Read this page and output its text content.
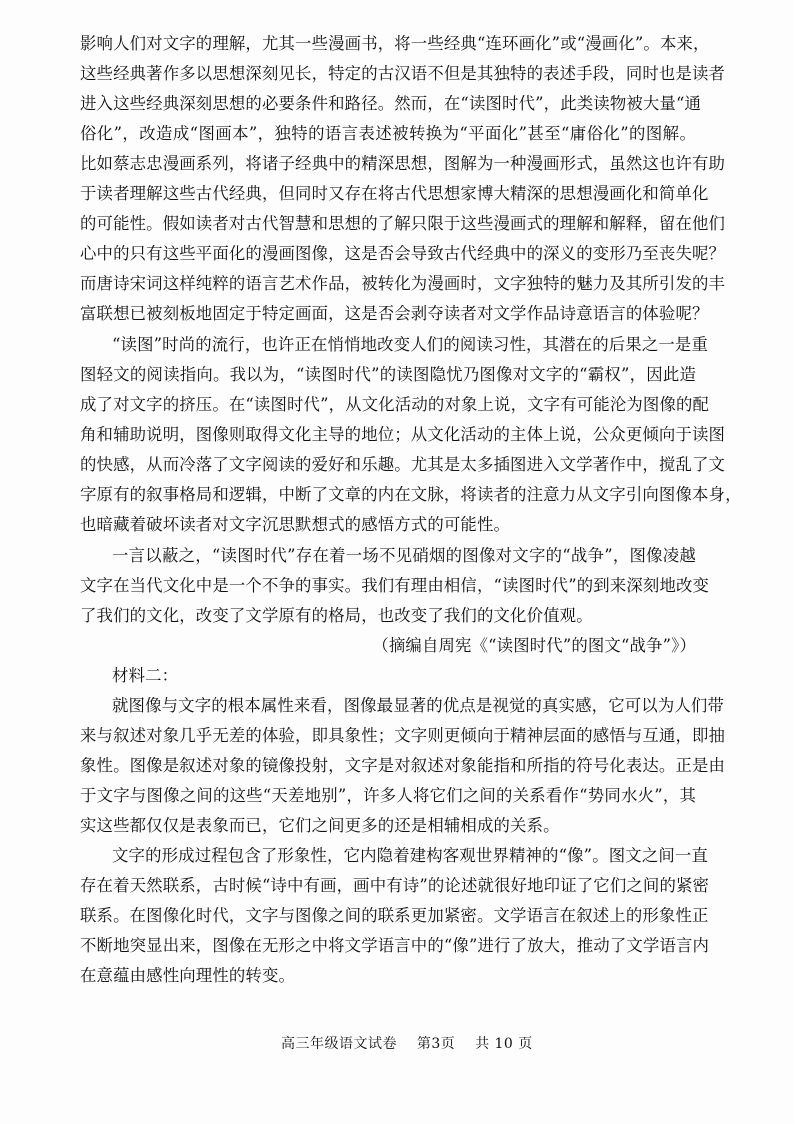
影响人们对文字的理解，尤其一些漫画书，将一些经典“连环画化”或“漫画化”。本来，
这些经典著作多以思想深刻见长，特定的古汉语不但是其独特的表述手段，同时也是读者
进入这些经典深刻思想的必要条件和路径。然而，在“读图时代”，此类读物被大量“通
俗化”，改造成“图画本”，独特的语言表述被转换为“平面化”甚至“庸俗化”的图解。
比如蔡志忠漫画系列，将诸子经典中的精深思想，图解为一种漫画形式，虽然这也许有助
于读者理解这些古代经典，但同时又存在将古代思想家博大精深的思想漫画化和简单化
的可能性。假如读者对古代智慧和思想的了解只限于这些漫画式的理解和解释，留在他们
心中的只有这些平面化的漫画图像，这是否会导致古代经典中的深义的变形乃至丧失呢？
而唐诗宋词这样纯粹的语言艺术作品，被转化为漫画时，文字独特的魅力及其所引发的丰
富联想已被刻板地固定于特定画面，这是否会剥夺读者对文学作品诗意语言的体验呢？
“读图”时尚的流行，也许正在悄悄地改变人们的阅读习性，其潜在的后果之一是重
图轻文的阅读指向。我以为，“读图时代”的读图隐忧乃图像对文字的“霸权”，因此造
成了对文字的挤压。在“读图时代”，从文化活动的对象上说，文字有可能沦为图像的配
角和辅助说明，图像则取得文化主导的地位；从文化活动的主体上说，公众更倾向于读图
的快感，从而冷落了文字阅读的爱好和乐趣。尤其是太多插图进入文学著作中，搅乱了文
字原有的叙事格局和逻辑，中断了文章的内在文脉，将读者的注意力从文字引向图像本身，
也暗藏着破坏读者对文字沉思默想式的感悟方式的可能性。
一言以蔽之，“读图时代”存在着一场不见硝烟的图像对文字的“战争”，图像凌越
文字在当代文化中是一个不争的事实。我们有理由相信，“读图时代”的到来深刻地改变
了我们的文化，改变了文学原有的格局，也改变了我们的文化价值观。
（摘编自周宪《“读图时代”的图文“战争”》）
材料二：
就图像与文字的根本属性来看，图像最显著的优点是视觉的真实感，它可以为人们带
来与叙述对象几乎无差的体验，即具象性；文字则更倾向于精神层面的感悟与互通，即抽
象性。图像是叙述对象的镜像投射，文字是对叙述对象能指和所指的符号化表达。正是由
于文字与图像之间的这些“天差地别”，许多人将它们之间的关系看作“势同水火”，其
实这些都仅仅是表象而已，它们之间更多的还是相辅相成的关系。
文字的形成过程包含了形象性，它内隐着建构客观世界精神的“像”。图文之间一直
存在着天然联系，古时候“诗中有画，画中有诗”的论述就很好地印证了它们之间的紧密
联系。在图像化时代，文字与图像之间的联系更加紧密。文学语言在叙述上的形象性正
不断地突显出来，图像在无形之中将文学语言中的“像”进行了放大，推动了文学语言内
在意蕴由感性向理性的转变。

高三年级语文试卷 第3页 共 10 页
